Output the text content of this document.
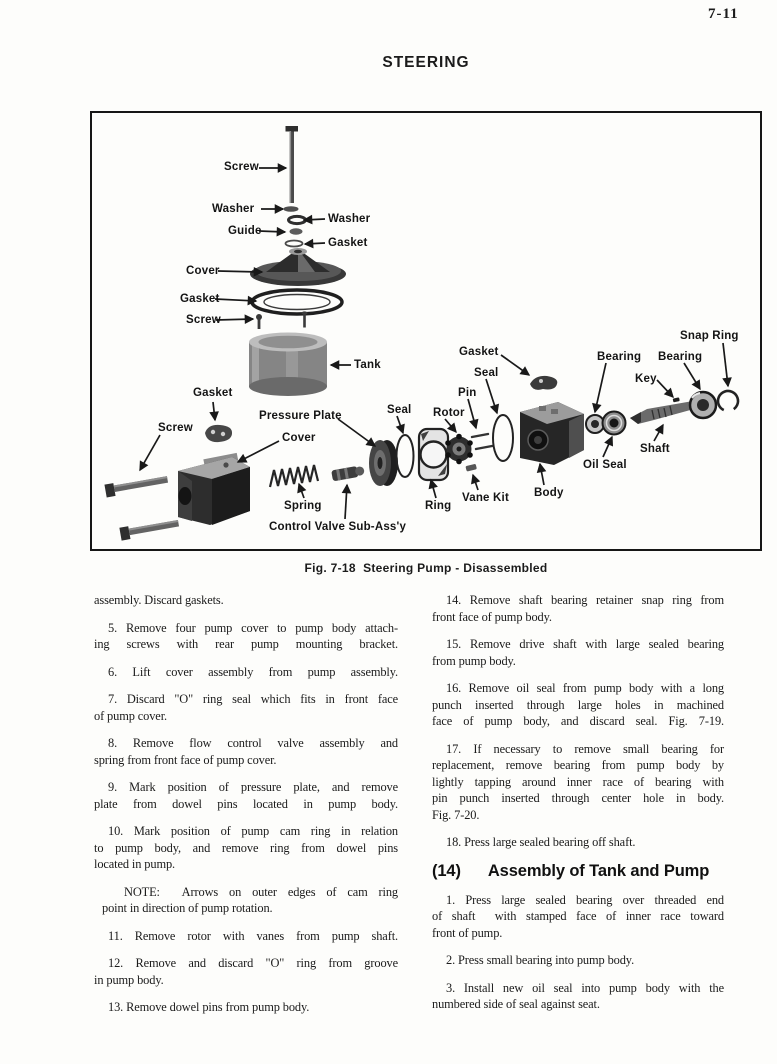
7-11
STEERING
Screw
Washer
Washer
Guide
Gasket
Cover
Gasket
Screw
Tank
Gasket
Screw
Pressure Plate
Cover
Spring
Control Valve Sub-Ass'y
Seal Rotor
Pin
Seal
Gasket
Ring
Vane Kit Body
Oil Seal
Bearing Bearing
Key
Shaft
Snap Ring
Fig. 7-18  Steering Pump - Disassembled
assembly. Discard gaskets.
5. Remove four pump cover to pump body attach-
ing screws with rear pump mounting bracket.
6. Lift cover assembly from pump assembly.
7. Discard "O" ring seal which fits in front face
of pump cover.
8. Remove flow control valve assembly and
spring from front face of pump cover.
9. Mark position of pressure plate, and remove
plate from dowel pins located in pump body.
10. Mark position of pump cam ring in relation
to pump body, and remove ring from dowel pins
located in pump.
NOTE:  Arrows on outer edges of cam ring
point in direction of pump rotation.
11. Remove rotor with vanes from pump shaft.
12. Remove and discard "O" ring from groove
in pump body.
13. Remove dowel pins from pump body.
14. Remove shaft bearing retainer snap ring from
front face of pump body.
15. Remove drive shaft with large sealed bearing
from pump body.
16. Remove oil seal from pump body with a long
punch inserted through large holes in machined
face of pump body, and discard seal. Fig. 7-19.
17. If necessary to remove small bearing for
replacement, remove bearing from pump body by
lightly tapping around inner race of bearing with
pin punch inserted through center hole in body.
Fig. 7-20.
18. Press large sealed bearing off shaft.
(14) Assembly of Tank and Pump
1. Press large sealed bearing over threaded end
of shaft  with stamped face of inner race toward
front of pump.
2. Press small bearing into pump body.
3. Install new oil seal into pump body with the
numbered side of seal against seat.
